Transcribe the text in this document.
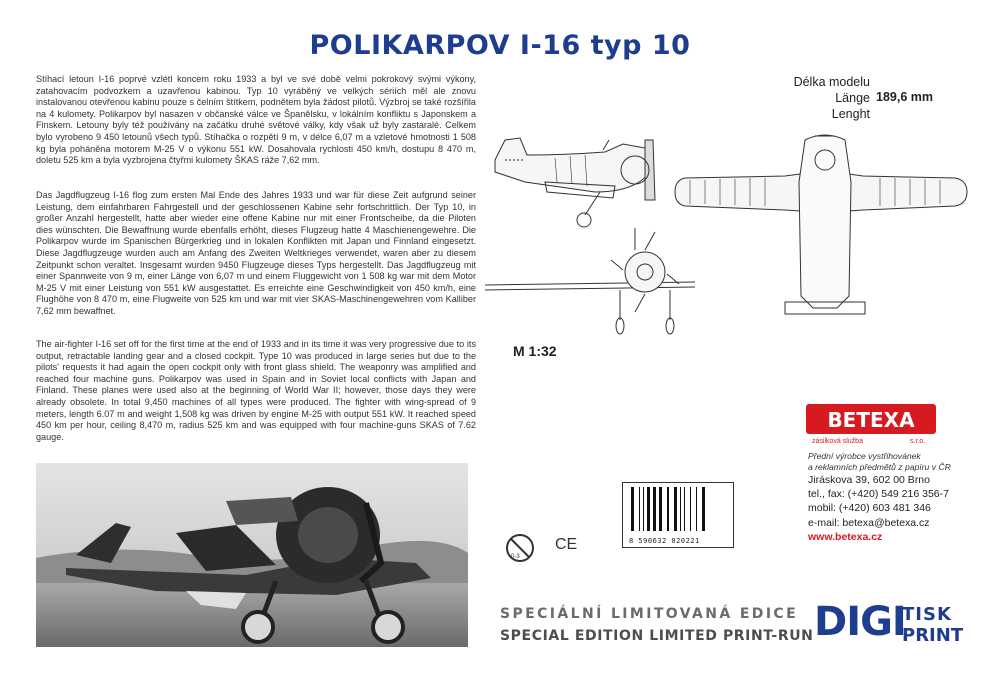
POLIKARPOV I-16 typ 10

Stíhací letoun I-16 poprvé vzlétl koncem roku 1933 a byl ve své době velmi pokrokový svými výkony, zatahovacím podvozkem a uzavřenou kabinou. Typ 10 vyráběný ve velkých sériích měl ale znovu instalovanou otevřenou kabinu pouze s čelním štítkem, podnětem byla žádost pilotů. Výzbroj se také rozšířila na 4 kulomety. Polikarpov byl nasazen v občanské válce ve Španělsku, v lokálním konfliktu s Japonskem a Finskem. Letouny byly též používány na začátku druhé světové války, kdy však už byly zastaralé. Celkem bylo vyrobeno 9 450 letounů všech typů. Stíhačka o rozpětí 9 m, v délce 6,07 m a vzletové hmotnosti 1 508 kg byla poháněna motorem M-25 V o výkonu 551 kW. Dosahovala rychlosti 450 km/h, dostupu 8 470 m, doletu 525 km a byla vyzbrojena čtyřmi kulomety ŠKAS ráže 7,62 mm.

Das Jagdflugzeug I-16 flog zum ersten Mal Ende des Jahres 1933 und war für diese Zeit aufgrund seiner Leistung, dem einfahrbaren Fahrgestell und der geschlossenen Kabine sehr fortschrittlich. Der Typ 10, in großer Anzahl hergestellt, hatte aber wieder eine offene Kabine nur mit einer Frontscheibe, da die Piloten dies wünschten. Die Bewaffnung wurde ebenfalls erhöht, dieses Flugzeug hatte 4 Maschienengewehre. Die Polikarpov wurde im Spanischen Bürgerkrieg und in lokalen Konflikten mit Japan und Finnland eingesetzt. Diese Jagdflugzeuge wurden auch am Anfang des Zweiten Weltkrieges verwendet, waren aber zu diesem Zeitpunkt schon veraltet. Insgesamt wurden 9450 Flugzeuge dieses Typs hergestellt. Das Jagdflugzeug mit einer Spannweite von 9 m, einer Länge von 6,07 m und einem Fluggewicht von 1 508 kg war mit dem Motor M-25 V mit einer Leistung von 551 kW ausgestattet. Es erreichte eine Geschwindigkeit von 450 km/h, eine Flughöhe von 8 470 m, eine Flugweite von 525 km und war mit vier SKAS-Maschinengewehren vom Kalliber 7,62 mm bewaffnet.

The air-fighter I-16 set off for the first time at the end of 1933 and in its time it was very progressive due to its output, retractable landing gear and a closed cockpit. Type 10 was produced in large series but due to the pilots' requests it had again the open cockpit only with front glass shield. The weaponry was amplified and reached four machine guns. Polikarpov was used in Spain and in Soviet local conflicts with Japan and Finland. These planes were used also at the beginning of World War II; however, those days they were already obsolete. In total 9,450 machines of all types were produced. The fighter with wing-spread of 9 meters, length 6.07 m and weight 1,508 kg was driven by engine M-25 with output 551 kW. It reached speed 450 km per hour, ceiling 8,470 m, radius 525 km and was equipped with four machine-guns SKAS of 7.62 gauge.

Délka modelu
Länge
Lenght
189,6 mm
M 1:32
BETEXA
zásilková služba	s.r.o.
Přední výrobce vystřihovánek
a reklamních předmětů z papíru v ČR
Jiráskova 39, 602 00 Brno
tel., fax: (+420) 549 216 356-7
mobil: (+420) 603 481 346
e-mail: betexa@betexa.cz
www.betexa.cz
8 590632 020221
0-3
CE
SPECIÁLNÍ LIMITOVANÁ EDICE
SPECIAL EDITION LIMITED PRINT-RUN DIGI
TISK
PRINT
